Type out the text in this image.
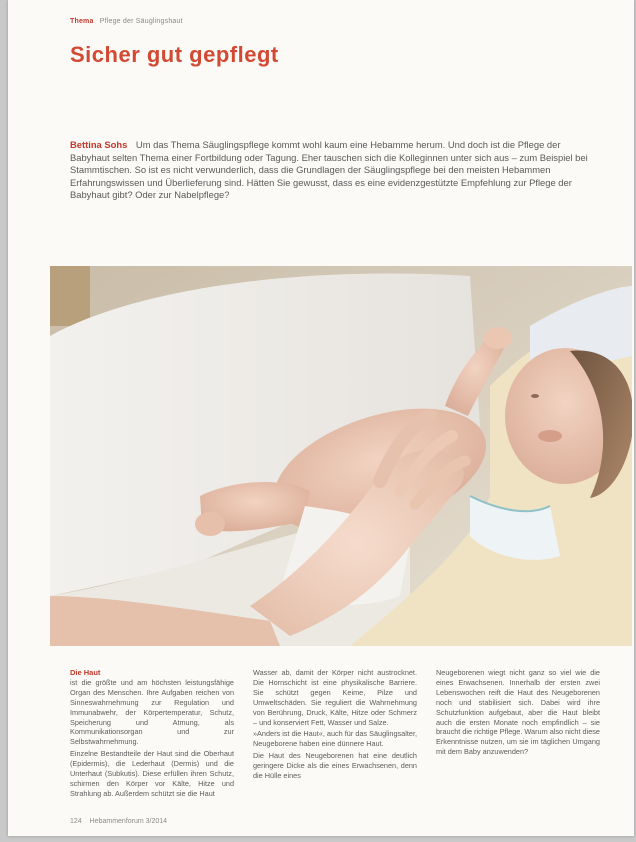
Thema Pflege der Säuglingshaut
Sicher gut gepflegt
Bettina Sohs Um das Thema Säuglingspflege kommt wohl kaum eine Hebamme herum. Und doch ist die Pflege der Babyhaut selten Thema einer Fortbildung oder Tagung. Eher tauschen sich die Kolleginnen unter sich aus – zum Beispiel bei Stammtischen. So ist es nicht verwunderlich, dass die Grundlagen der Säuglingspflege bei den meisten Hebammen Erfahrungswissen und Überlieferung sind. Hätten Sie gewusst, dass es eine evidenzgestützte Empfehlung zur Pflege der Babyhaut gibt? Oder zur Nabelpflege?
Die Haut

ist die größte und am höchsten leistungsfähige Organ des Menschen. Ihre Aufgaben reichen von Sinneswahrnehmung zur Regulation und Immunabwehr, der Körpertemperatur, Schutz, Speicherung und Atmung, als Kommunikationsorgan und zur Selbstwahrnehmung.

Einzelne Bestandteile der Haut sind die Oberhaut (Epidermis), die Lederhaut (Dermis) und die Unterhaut (Subkutis). Diese erfüllen ihren Schutz, schirmen den Körper vor Kälte, Hitze und Strahlung ab. Außerdem schützt sie die Haut

Wasser ab, damit der Körper nicht austrocknet. Die Hornschicht ist eine physikalische Barriere. Sie schützt gegen Keime, Pilze und Umweltschäden. Sie reguliert die Wahrnehmung von Berührung, Druck, Kälte, Hitze oder Schmerz – und konserviert Fett, Wasser und Salze.

»Anders ist die Haut«, auch für das Säuglingsalter, Neugeborene haben eine dünnere Haut.

Die Haut des Neugeborenen hat eine deutlich geringere Dicke als die eines Erwachsenen, denn die Hülle eines

Neugeborenen wiegt nicht ganz so viel wie die eines Erwachsenen. Innerhalb der ersten zwei Lebenswochen reift die Haut des Neugeborenen noch und stabilisiert sich. Dabei wird ihre Schutzfunktion aufgebaut, aber die Haut bleibt auch die ersten Monate noch empfindlich – sie braucht die richtige Pflege. Warum also nicht diese Erkenntnisse nutzen, um sie im täglichen Umgang mit dem Baby anzuwenden?

124 Hebammenforum 3/2014
